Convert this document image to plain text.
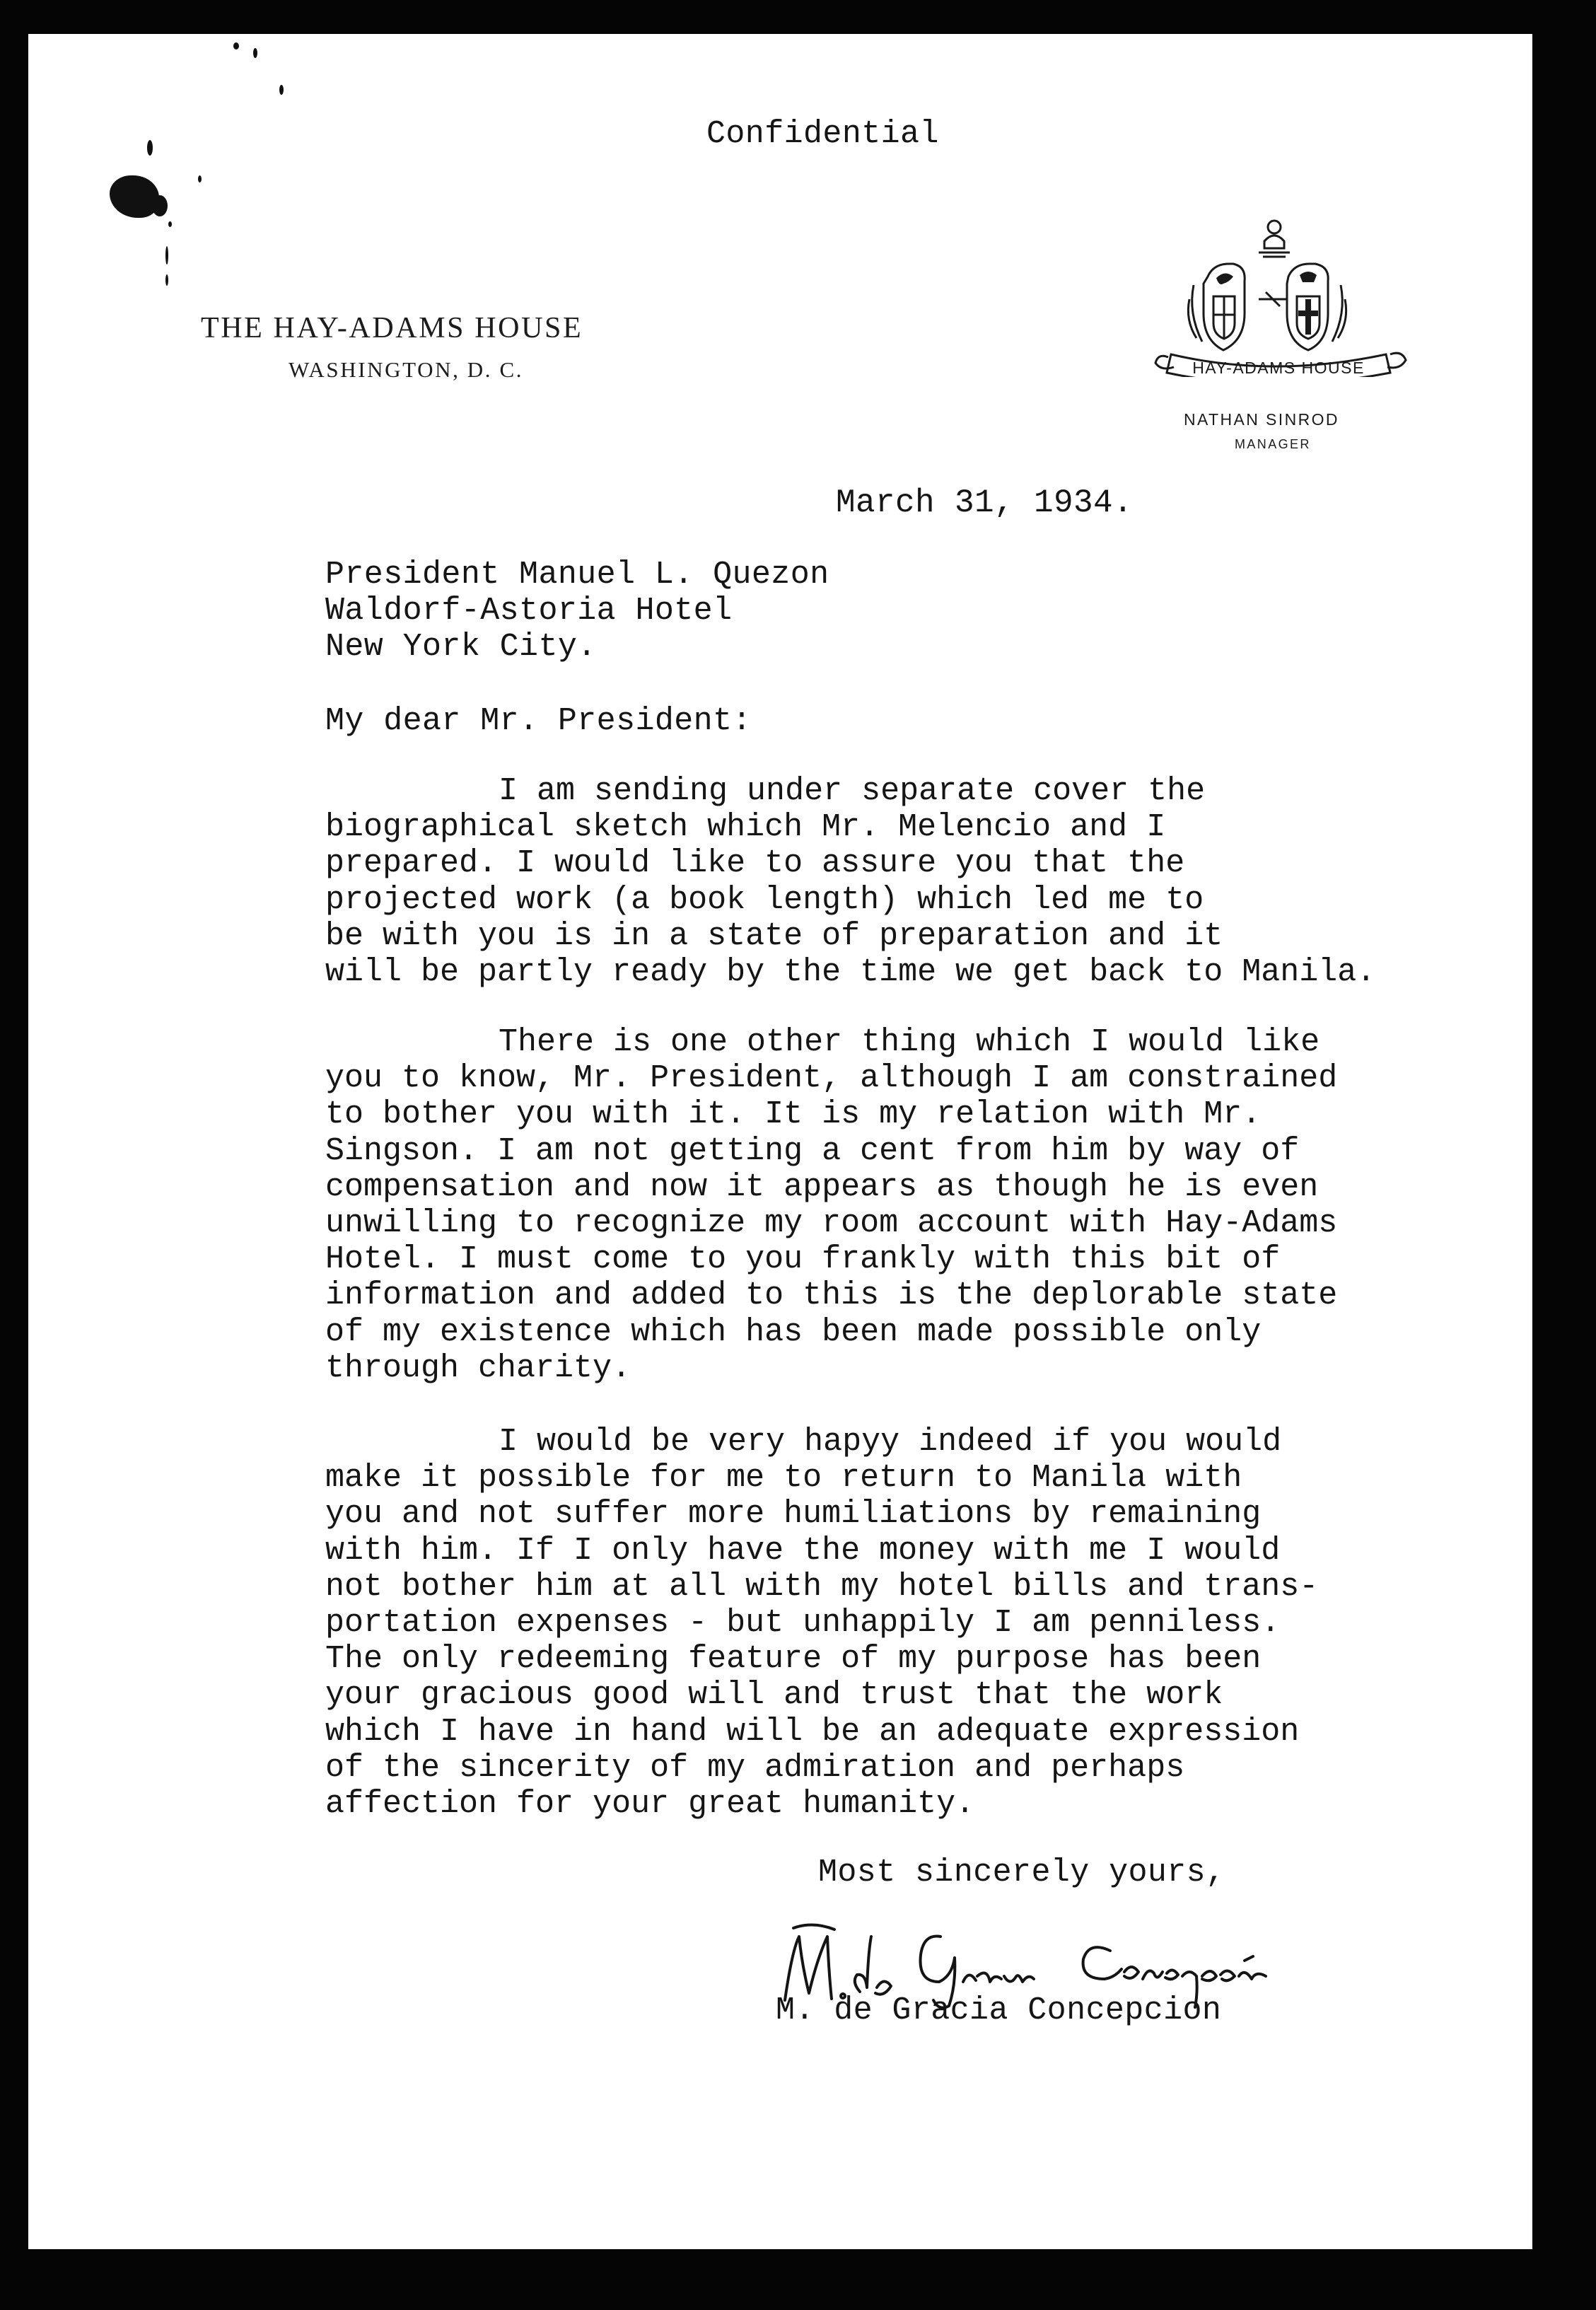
Confidential
THE HAY-ADAMS HOUSE
WASHINGTON, D. C.	HAY-ADAMS HOUSE
NATHAN SINROD
MANAGER
March 31, 1934.
President Manuel L. Quezon
Waldorf-Astoria Hotel
New York City.
My dear Mr. President:
I am sending under separate cover the
biographical sketch which Mr. Melencio and I
prepared. I would like to assure you that the
projected work (a book length) which led me to
be with you is in a state of preparation and it
will be partly ready by the time we get back to Manila.
There is one other thing which I would like
you to know, Mr. President, although I am constrained
to bother you with it. It is my relation with Mr.
Singson. I am not getting a cent from him by way of
compensation and now it appears as though he is even
unwilling to recognize my room account with Hay-Adams
Hotel. I must come to you frankly with this bit of
information and added to this is the deplorable state
of my existence which has been made possible only
through charity.
I would be very hapyy indeed if you would
make it possible for me to return to Manila with
you and not suffer more humiliations by remaining
with him. If I only have the money with me I would
not bother him at all with my hotel bills and trans-
portation expenses - but unhappily I am penniless.
The only redeeming feature of my purpose has been
your gracious good will and trust that the work
which I have in hand will be an adequate expression
of the sincerity of my admiration and perhaps
affection for your great humanity.
Most sincerely yours,
M. de Gracia Concepcion
